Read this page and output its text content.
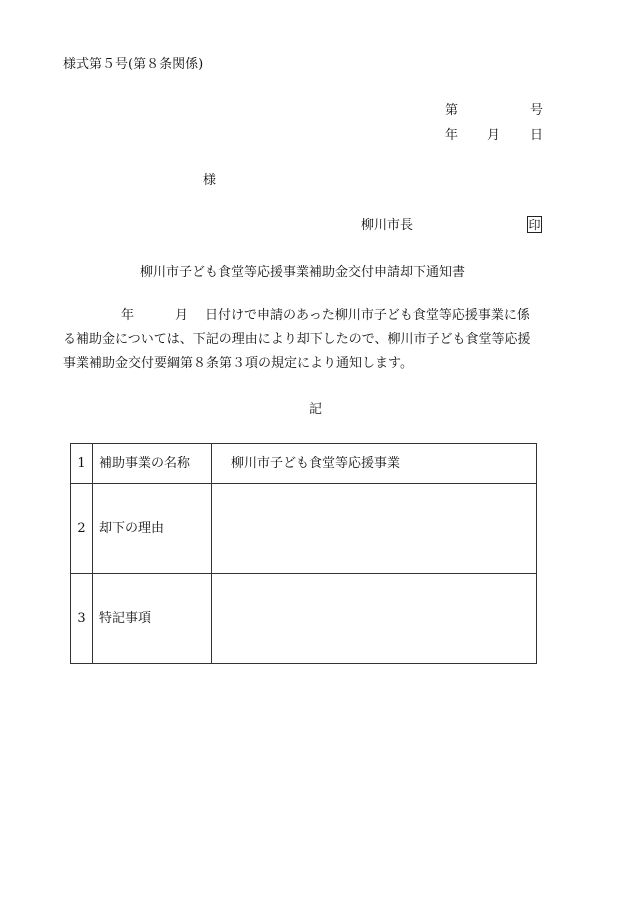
様式第５号(第８条関係)
第	号
年 月 日
様
柳川市長	印
柳川市子ども食堂等応援事業補助金交付申請却下通知書
年	月 日付けで申請のあった柳川市子ども食堂等応援事業に係
る補助金については、下記の理由により却下したので、柳川市子ども食堂等応援
事業補助金交付要綱第８条第３項の規定により通知します。
記
1	補助事業の名称	柳川市子ども食堂等応援事業
2	却下の理由	
3	特記事項	
